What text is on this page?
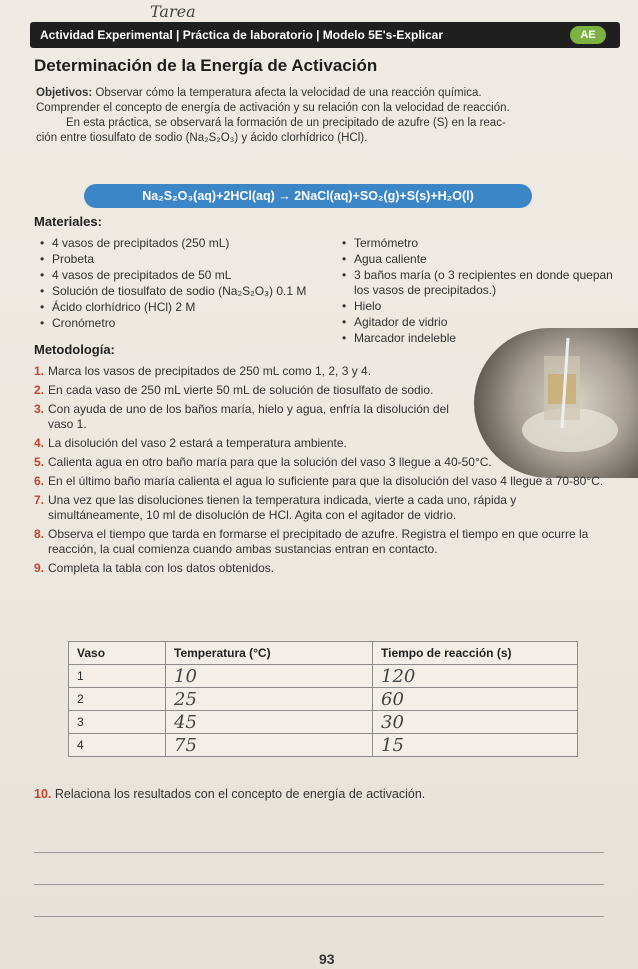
Tarea
Actividad Experimental | Práctica de laboratorio | Modelo 5E's-Explicar	AE
Determinación de la Energía de Activación

Objetivos: Observar cómo la temperatura afecta la velocidad de una reacción química.

Comprender el concepto de energía de activación y su relación con la velocidad de reacción.

En esta práctica, se observará la formación de un precipitado de azufre (S) en la reac-

ción entre tiosulfato de sodio (Na₂S₂O₃) y ácido clorhídrico (HCl).

Na₂S₂O₃(aq)+2HCl(aq) → 2NaCl(aq)+SO₂(g)+S(s)+H₂O(l)
Materiales:
• 4 vasos de precipitados (250 mL)
• Probeta
• 4 vasos de precipitados de 50 mL
• Solución de tiosulfato de sodio (Na₂S₂O₃) 0.1 M
• Ácido clorhídrico (HCl) 2 M
• Cronómetro
• Termómetro
• Agua caliente
• 3 baños maría (o 3 recipientes en donde quepan los vasos de precipitados.)
• Hielo
• Agitador de vidrio
• Marcador indeleble
Metodología:
1. Marca los vasos de precipitados de 250 mL como 1, 2, 3 y 4.
2. En cada vaso de 250 mL vierte 50 mL de solución de tiosulfato de sodio.
3. Con ayuda de uno de los baños maría, hielo y agua, enfría la disolución del vaso 1.
4. La disolución del vaso 2 estará a temperatura ambiente.
5. Calienta agua en otro baño maría para que la solución del vaso 3 llegue a 40-50°C.
6. En el último baño maría calienta el agua lo suficiente para que la disolución del vaso 4 llegue a 70-80°C.
7. Una vez que las disoluciones tienen la temperatura indicada, vierte a cada uno, rápida y simultáneamente, 10 ml de disolución de HCl. Agita con el agitador de vidrio.
8. Observa el tiempo que tarda en formarse el precipitado de azufre. Registra el tiempo en que ocurre la reacción, la cual comienza cuando ambas sustancias entran en contacto.
9. Completa la tabla con los datos obtenidos.
Vaso	Temperatura (°C)	Tiempo de reacción (s)
1	10	120
2	25	60
3	45	30
4	75	15
10. Relaciona los resultados con el concepto de energía de activación.
93
